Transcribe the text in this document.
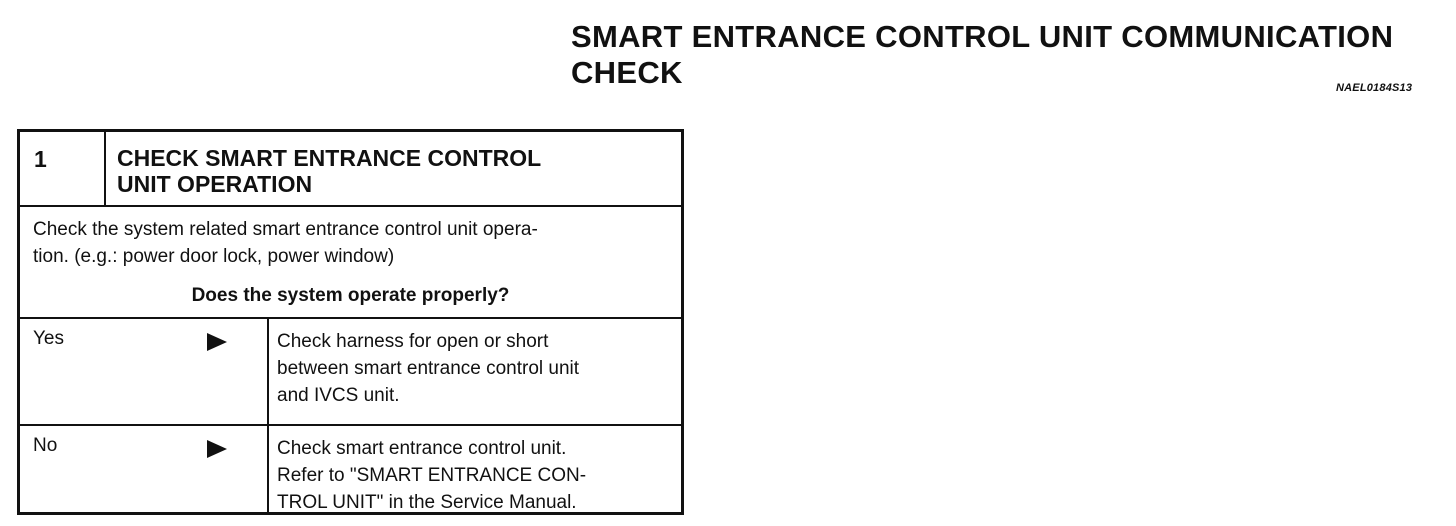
SMART ENTRANCE CONTROL UNIT COMMUNICATION
CHECK	NAEL0184S13
1	CHECK SMART ENTRANCE CONTROL
UNIT OPERATION
Check the system related smart entrance control unit opera-
tion. (e.g.: power door lock, power window)
Does the system operate properly?
Yes	Check harness for open or short
between smart entrance control unit
and IVCS unit.
No	Check smart entrance control unit.
Refer to "SMART ENTRANCE CON-
TROL UNIT" in the Service Manual.
